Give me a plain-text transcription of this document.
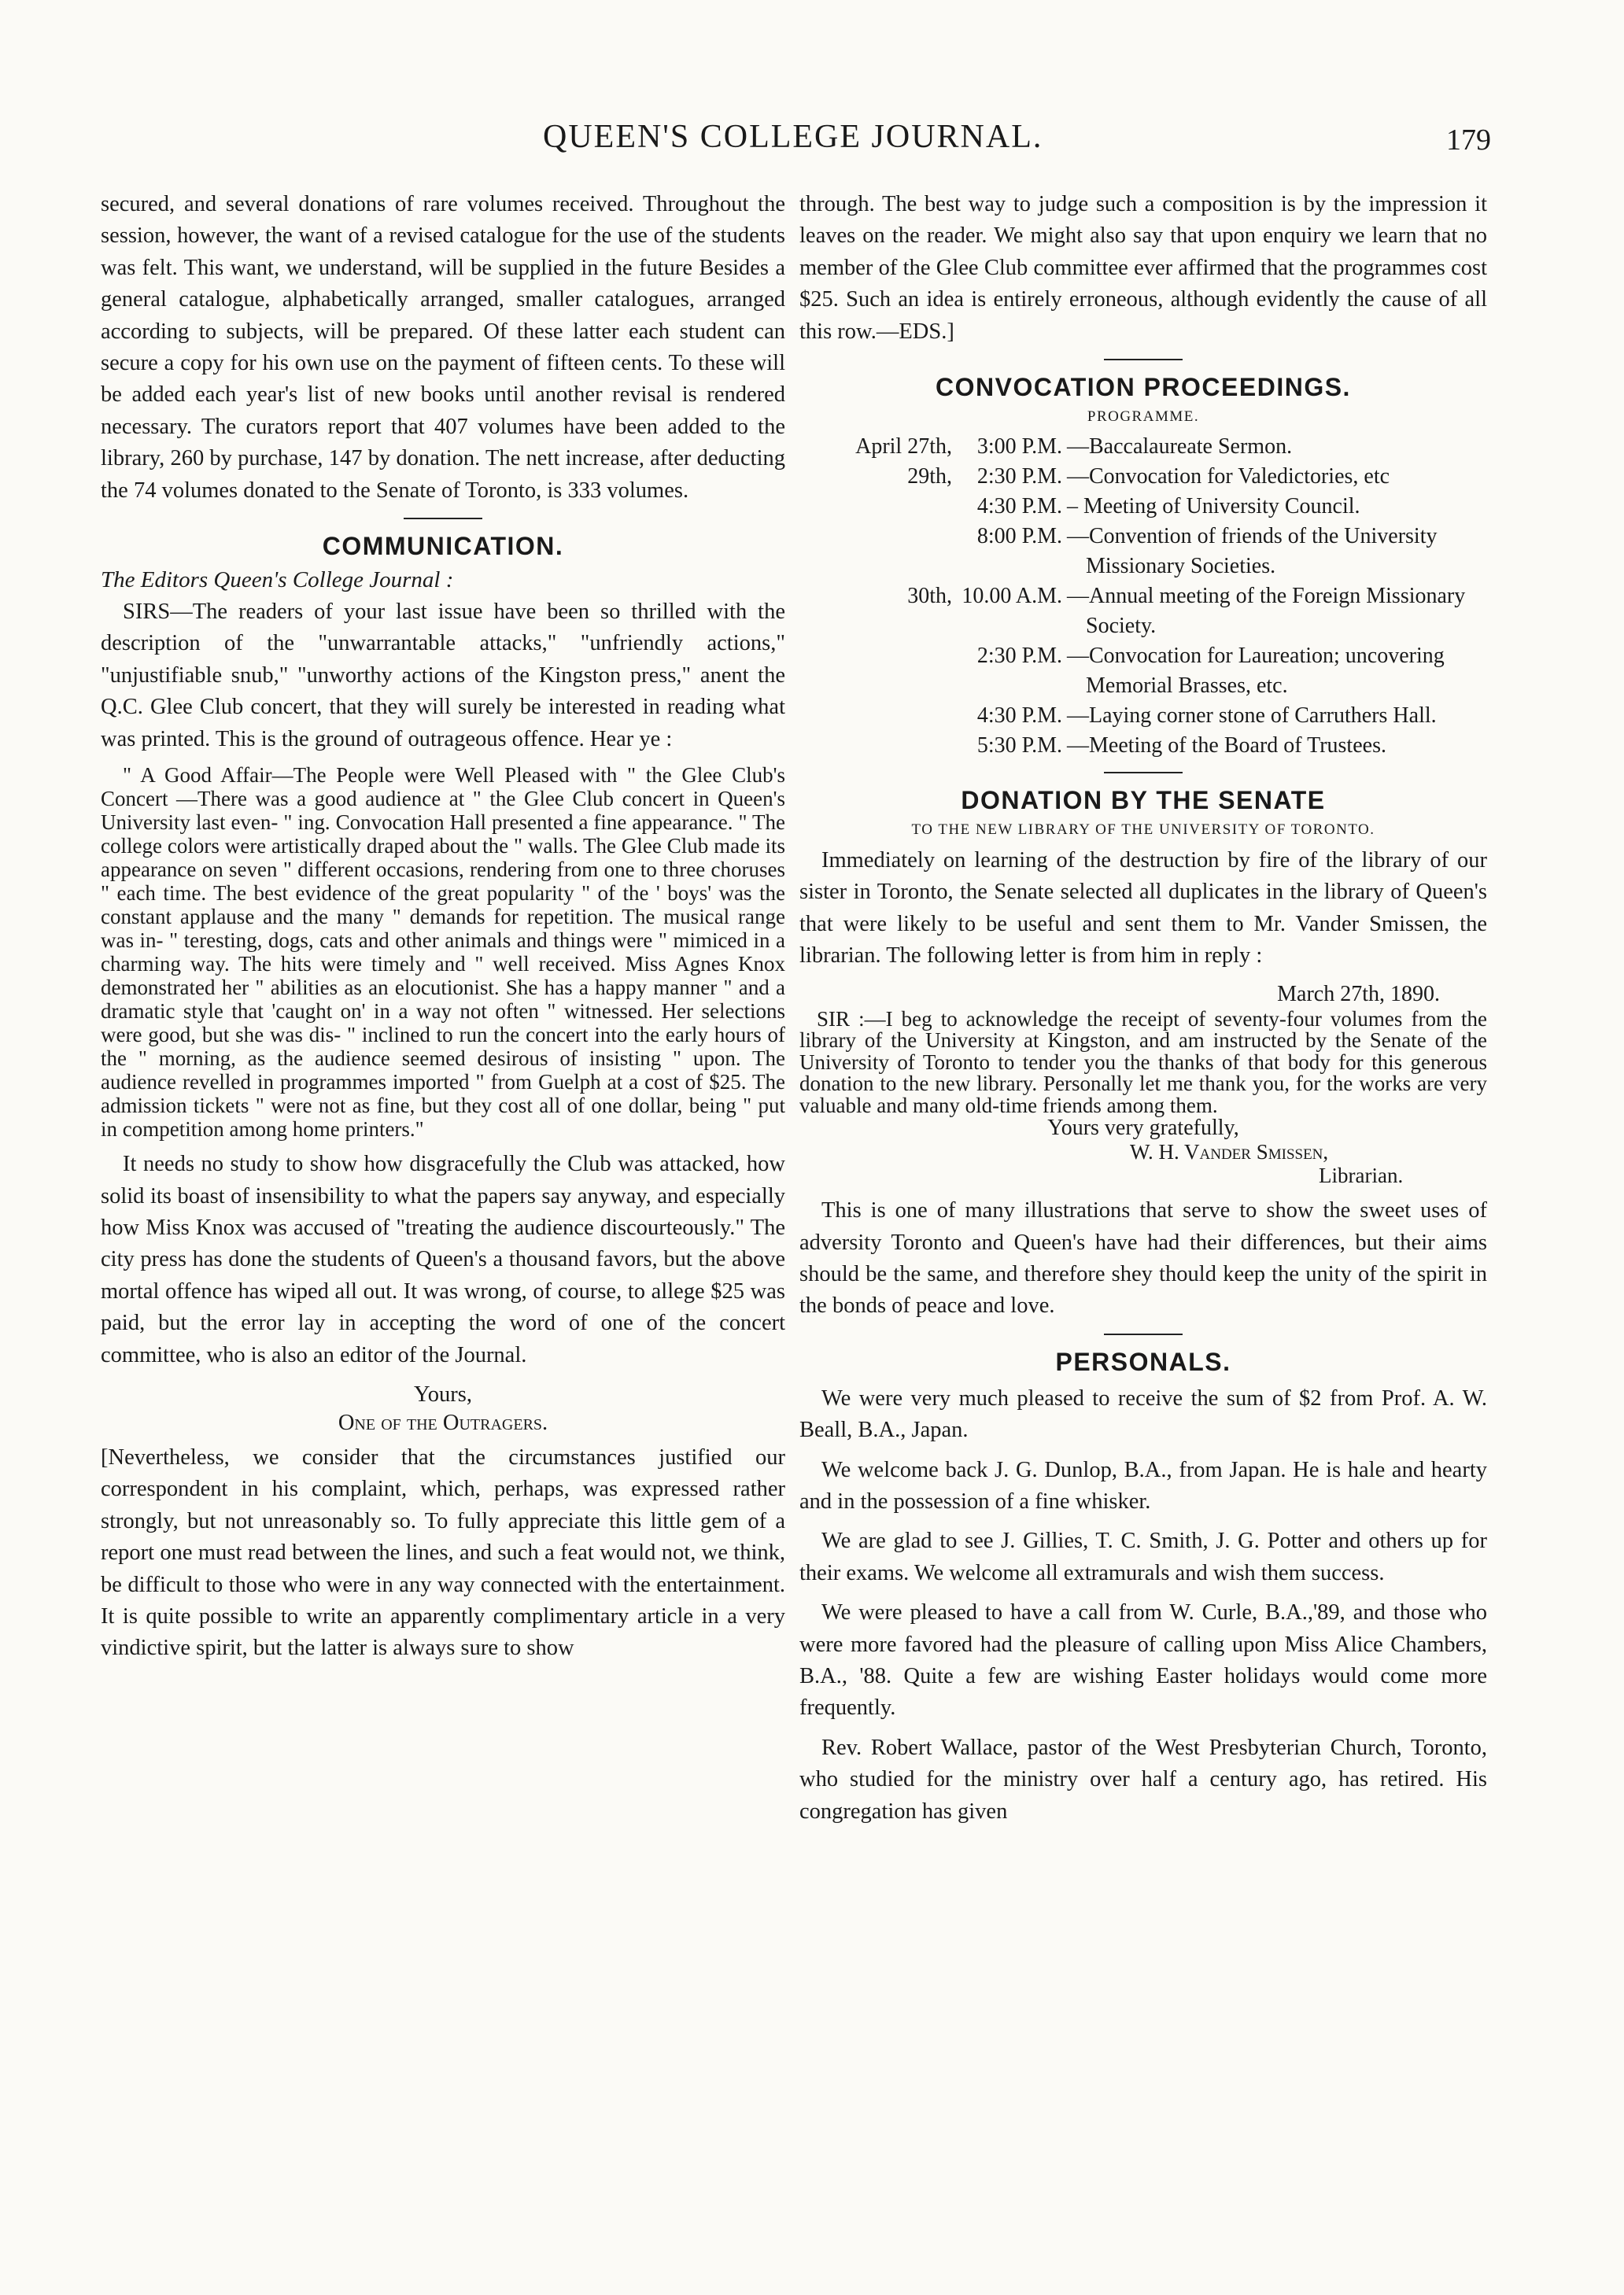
QUEEN'S COLLEGE JOURNAL.	179

secured, and several donations of rare volumes received. Throughout the session, however, the want of a revised catalogue for the use of the students was felt. This want, we understand, will be supplied in the future Besides a general catalogue, alphabetically arranged, smaller catalogues, arranged according to subjects, will be prepared. Of these latter each student can secure a copy for his own use on the payment of fifteen cents. To these will be added each year's list of new books until another revisal is rendered necessary. The curators report that 407 volumes have been added to the library, 260 by purchase, 147 by donation. The nett increase, after deducting the 74 volumes donated to the Senate of Toronto, is 333 volumes.

COMMUNICATION.
The Editors Queen's College Journal :

SIRS—The readers of your last issue have been so thrilled with the description of the "unwarrantable attacks," "unfriendly actions," "unjustifiable snub," "unworthy actions of the Kingston press," anent the Q.C. Glee Club concert, that they will surely be interested in reading what was printed. This is the ground of outrageous offence. Hear ye :

" A Good Affair—The People were Well Pleased with " the Glee Club's Concert —There was a good audience at " the Glee Club concert in Queen's University last even- " ing. Convocation Hall presented a fine appearance. " The college colors were artistically draped about the " walls. The Glee Club made its appearance on seven " different occasions, rendering from one to three choruses " each time. The best evidence of the great popularity " of the ' boys' was the constant applause and the many " demands for repetition. The musical range was in- " teresting, dogs, cats and other animals and things were " mimiced in a charming way. The hits were timely and " well received. Miss Agnes Knox demonstrated her " abilities as an elocutionist. She has a happy manner " and a dramatic style that 'caught on' in a way not often " witnessed. Her selections were good, but she was dis- " inclined to run the concert into the early hours of the " morning, as the audience seemed desirous of insisting " upon. The audience revelled in programmes imported " from Guelph at a cost of $25. The admission tickets " were not as fine, but they cost all of one dollar, being " put in competition among home printers."

It needs no study to show how disgracefully the Club was attacked, how solid its boast of insensibility to what the papers say anyway, and especially how Miss Knox was accused of "treating the audience discourteously." The city press has done the students of Queen's a thousand favors, but the above mortal offence has wiped all out. It was wrong, of course, to allege $25 was paid, but the error lay in accepting the word of one of the concert committee, who is also an editor of the Journal.

Yours,
One of the Outragers.

[Nevertheless, we consider that the circumstances justified our correspondent in his complaint, which, perhaps, was expressed rather strongly, but not unreasonably so. To fully appreciate this little gem of a report one must read between the lines, and such a feat would not, we think, be difficult to those who were in any way connected with the entertainment. It is quite possible to write an apparently complimentary article in a very vindictive spirit, but the latter is always sure to show

through. The best way to judge such a composition is by the impression it leaves on the reader. We might also say that upon enquiry we learn that no member of the Glee Club committee ever affirmed that the programmes cost $25. Such an idea is entirely erroneous, although evidently the cause of all this row.—EDS.]

CONVOCATION PROCEEDINGS.
PROGRAMME.
April 27th,	3:00 P.M. —Baccalaureate Sermon.
29th,	2:30 P.M. —Convocation for Valedictories, etc
4:30 P.M. – Meeting of University Council.
8:00 P.M. —Convention of friends of the University Missionary Societies.
30th, 10.00 A.M. —Annual meeting of the Foreign Missionary Society.
2:30 P.M. —Convocation for Laureation; uncovering Memorial Brasses, etc.
4:30 P.M. —Laying corner stone of Carruthers Hall.
5:30 P.M. —Meeting of the Board of Trustees.
DONATION BY THE SENATE
TO THE NEW LIBRARY OF THE UNIVERSITY OF TORONTO.

Immediately on learning of the destruction by fire of the library of our sister in Toronto, the Senate selected all duplicates in the library of Queen's that were likely to be useful and sent them to Mr. Vander Smissen, the librarian. The following letter is from him in reply :

March 27th, 1890.

SIR :—I beg to acknowledge the receipt of seventy-four volumes from the library of the University at Kingston, and am instructed by the Senate of the University of Toronto to tender you the thanks of that body for this generous donation to the new library. Personally let me thank you, for the works are very valuable and many old-time friends among them.

Yours very gratefully,
W. H. Vander Smissen,
Librarian.

This is one of many illustrations that serve to show the sweet uses of adversity Toronto and Queen's have had their differences, but their aims should be the same, and therefore shey thould keep the unity of the spirit in the bonds of peace and love.

PERSONALS.

We were very much pleased to receive the sum of $2 from Prof. A. W. Beall, B.A., Japan.

We welcome back J. G. Dunlop, B.A., from Japan. He is hale and hearty and in the possession of a fine whisker.

We are glad to see J. Gillies, T. C. Smith, J. G. Potter and others up for their exams. We welcome all extramurals and wish them success.

We were pleased to have a call from W. Curle, B.A.,'89, and those who were more favored had the pleasure of calling upon Miss Alice Chambers, B.A., '88. Quite a few are wishing Easter holidays would come more frequently.

Rev. Robert Wallace, pastor of the West Presbyterian Church, Toronto, who studied for the ministry over half a century ago, has retired. His congregation has given
